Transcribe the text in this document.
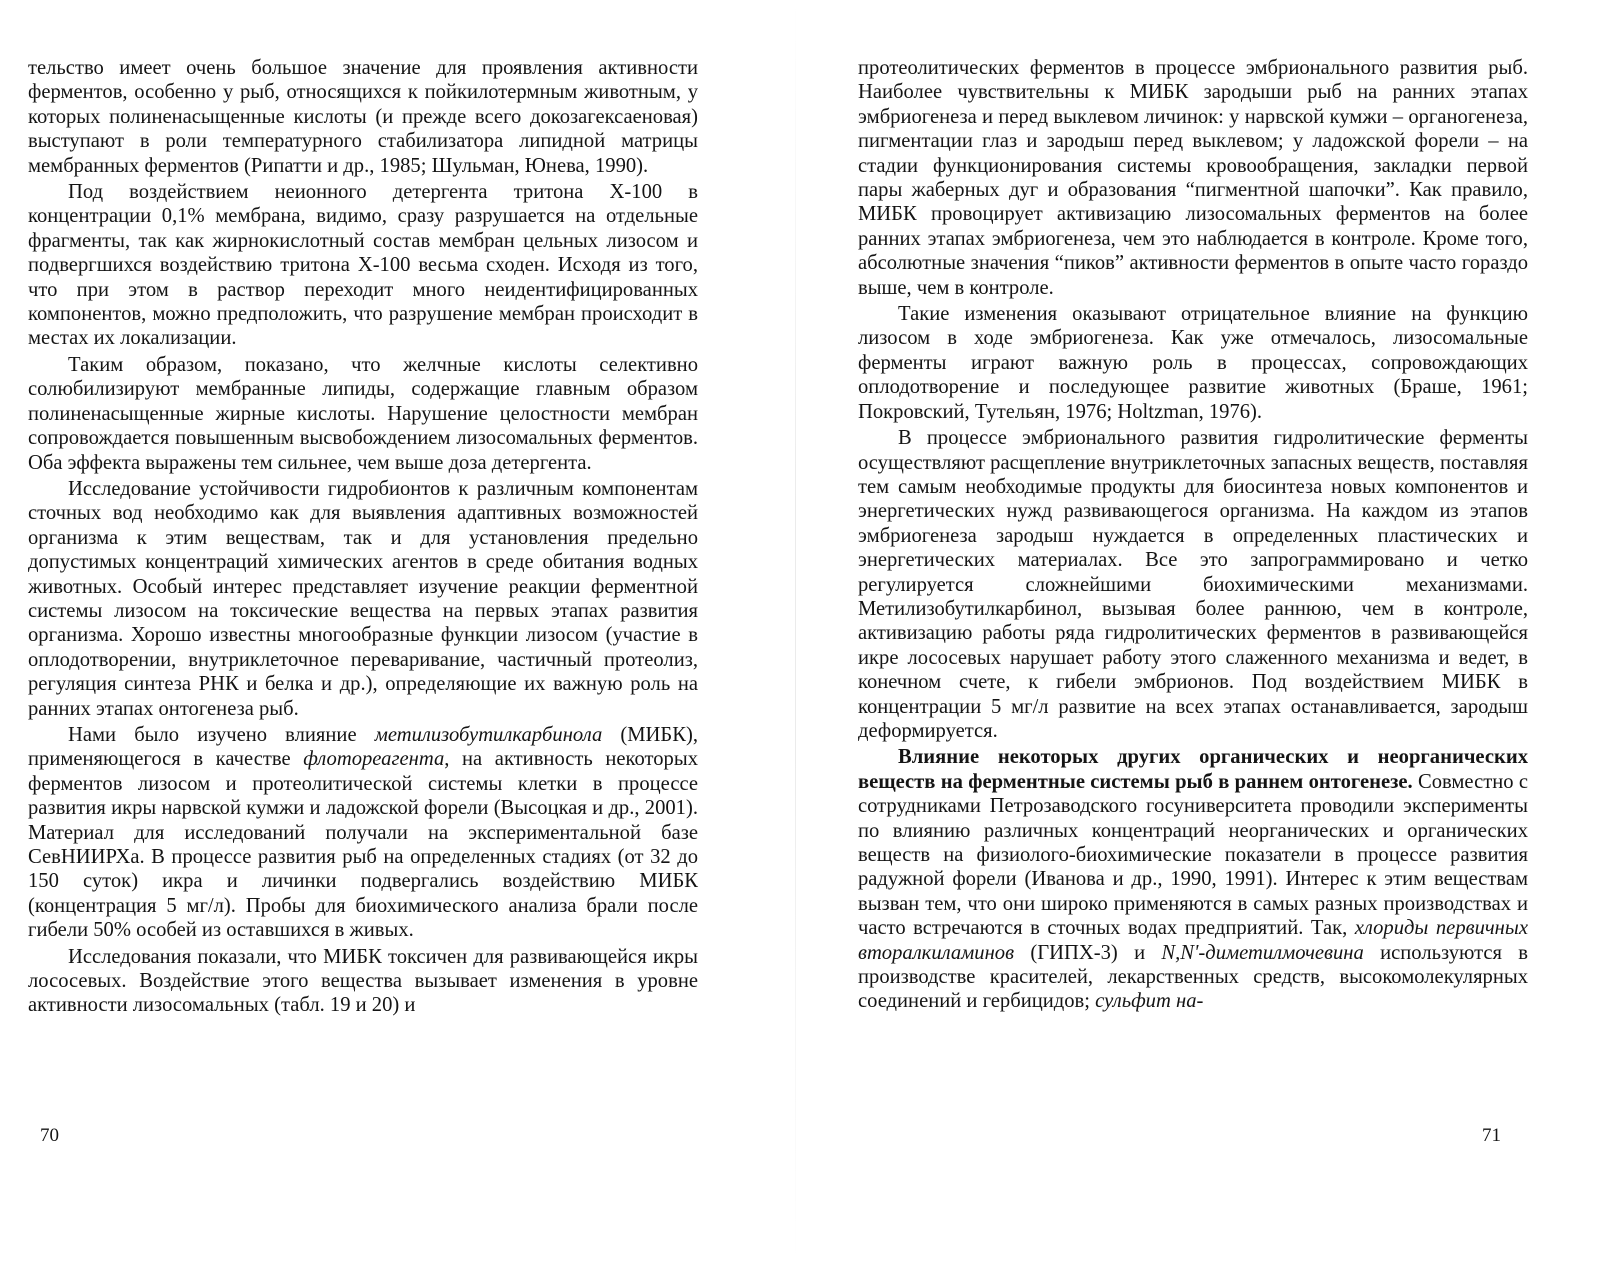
тельство имеет очень большое значение для проявления активности ферментов, особенно у рыб, относящихся к пойкилотермным животным, у которых полиненасыщенные кислоты (и прежде всего докозагексаеновая) выступают в роли температурного стабилизатора липидной матрицы мембранных ферментов (Рипатти и др., 1985; Шульман, Юнева, 1990).

Под воздействием неионного детергента тритона X-100 в концентрации 0,1% мембрана, видимо, сразу разрушается на отдельные фрагменты, так как жирнокислотный состав мембран цельных лизосом и подвергшихся воздействию тритона X-100 весьма сходен. Исходя из того, что при этом в раствор переходит много неидентифицированных компонентов, можно предположить, что разрушение мембран происходит в местах их локализации.

Таким образом, показано, что желчные кислоты селективно солюбилизируют мембранные липиды, содержащие главным образом полиненасыщенные жирные кислоты. Нарушение целостности мембран сопровождается повышенным высвобождением лизосомальных ферментов. Оба эффекта выражены тем сильнее, чем выше доза детергента.

Исследование устойчивости гидробионтов к различным компонентам сточных вод необходимо как для выявления адаптивных возможностей организма к этим веществам, так и для установления предельно допустимых концентраций химических агентов в среде обитания водных животных. Особый интерес представляет изучение реакции ферментной системы лизосом на токсические вещества на первых этапах развития организма. Хорошо известны многообразные функции лизосом (участие в оплодотворении, внутриклеточное переваривание, частичный протеолиз, регуляция синтеза РНК и белка и др.), определяющие их важную роль на ранних этапах онтогенеза рыб.

Нами было изучено влияние метилизобутилкарбинола (МИБК), применяющегося в качестве флотореагента, на активность некоторых ферментов лизосом и протеолитической системы клетки в процессе развития икры нарвской кумжи и ладожской форели (Высоцкая и др., 2001). Материал для исследований получали на экспериментальной базе СевНИИРХа. В процессе развития рыб на определенных стадиях (от 32 до 150 суток) икра и личинки подвергались воздействию МИБК (концентрация 5 мг/л). Пробы для биохимического анализа брали после гибели 50% особей из оставшихся в живых.

Исследования показали, что МИБК токсичен для развивающейся икры лососевых. Воздействие этого вещества вызывает изменения в уровне активности лизосомальных (табл. 19 и 20) и

70

протеолитических ферментов в процессе эмбрионального развития рыб. Наиболее чувствительны к МИБК зародыши рыб на ранних этапах эмбриогенеза и перед выклевом личинок: у нарвской кумжи – органогенеза, пигментации глаз и зародыш перед выклевом; у ладожской форели – на стадии функционирования системы кровообращения, закладки первой пары жаберных дуг и образования “пигментной шапочки”. Как правило, МИБК провоцирует активизацию лизосомальных ферментов на более ранних этапах эмбриогенеза, чем это наблюдается в контроле. Кроме того, абсолютные значения “пиков” активности ферментов в опыте часто гораздо выше, чем в контроле.

Такие изменения оказывают отрицательное влияние на функцию лизосом в ходе эмбриогенеза. Как уже отмечалось, лизосомальные ферменты играют важную роль в процессах, сопровождающих оплодотворение и последующее развитие животных (Браше, 1961; Покровский, Тутельян, 1976; Holtzman, 1976).

В процессе эмбрионального развития гидролитические ферменты осуществляют расщепление внутриклеточных запасных веществ, поставляя тем самым необходимые продукты для биосинтеза новых компонентов и энергетических нужд развивающегося организма. На каждом из этапов эмбриогенеза зародыш нуждается в определенных пластических и энергетических материалах. Все это запрограммировано и четко регулируется сложнейшими биохимическими механизмами. Метилизобутилкарбинол, вызывая более раннюю, чем в контроле, активизацию работы ряда гидролитических ферментов в развивающейся икре лососевых нарушает работу этого слаженного механизма и ведет, в конечном счете, к гибели эмбрионов. Под воздействием МИБК в концентрации 5 мг/л развитие на всех этапах останавливается, зародыш деформируется.

Влияние некоторых других органических и неорганических веществ на ферментные системы рыб в раннем онтогенезе. Совместно с сотрудниками Петрозаводского госуниверситета проводили эксперименты по влиянию различных концентраций неорганических и органических веществ на физиолого-биохимические показатели в процессе развития радужной форели (Иванова и др., 1990, 1991). Интерес к этим веществам вызван тем, что они широко применяются в самых разных производствах и часто встречаются в сточных водах предприятий. Так, хлориды первичных вторалкиламинов (ГИПХ-3) и N,N'-диметилмочевина используются в производстве красителей, лекарственных средств, высокомолекулярных соединений и гербицидов; сульфит на-

71
